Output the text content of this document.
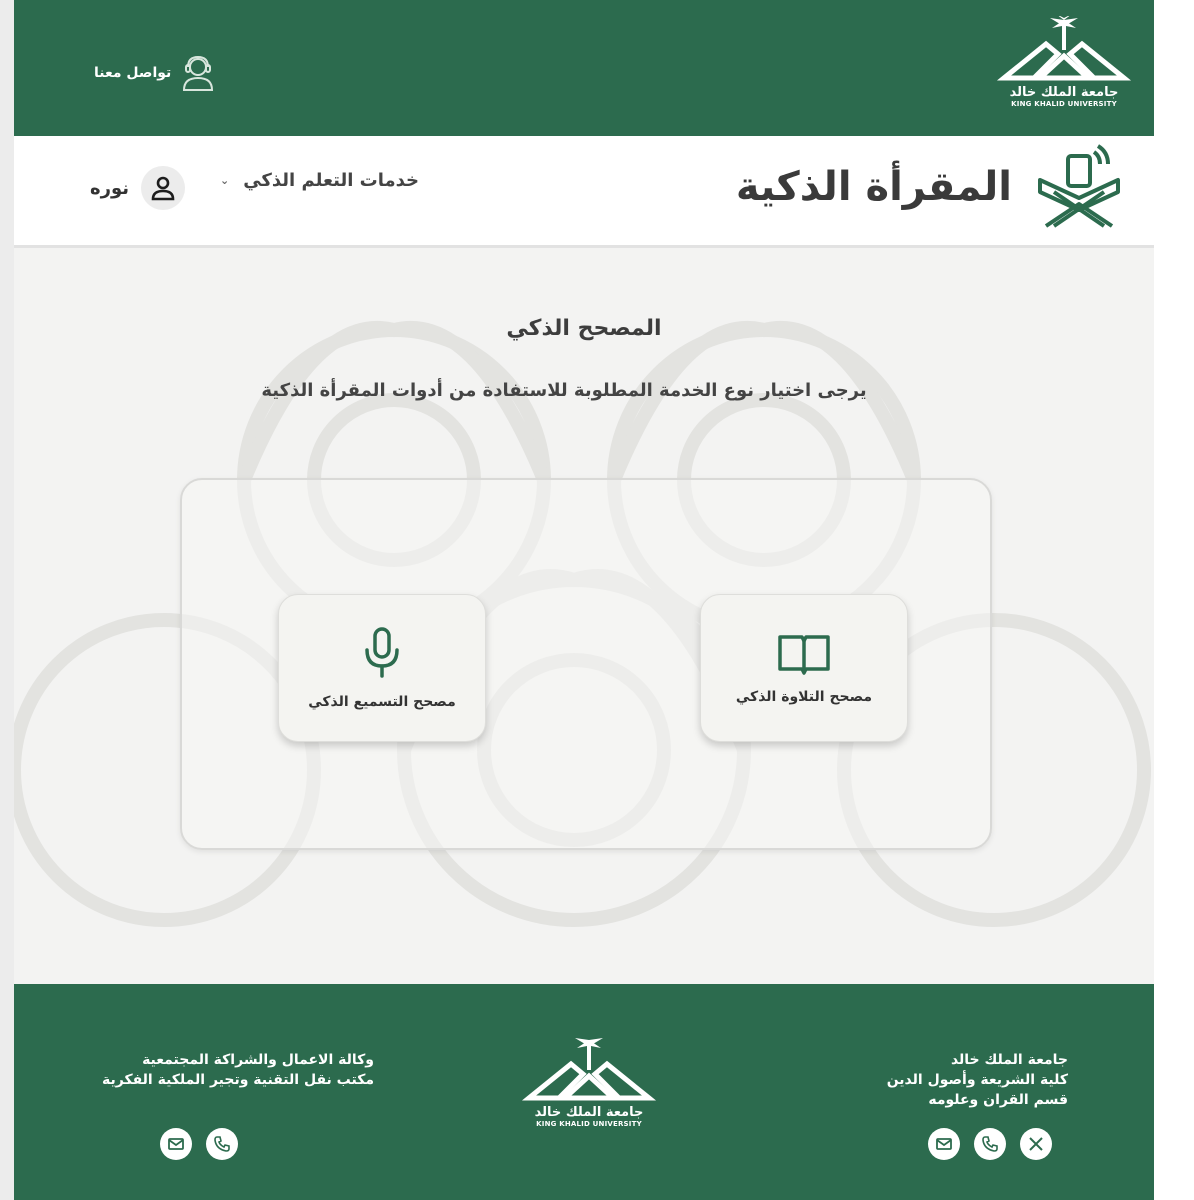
جامعة الملك خالد
KING KHALID UNIVERSITY
تواصل معنا
المقرأة الذكية
⌄ خدمات التعلم الذكي
نوره
المصحح الذكي
يرجى اختيار نوع الخدمة المطلوبة للاستفادة من أدوات المقرأة الذكية
مصحح التلاوة الذكي
مصحح التسميع الذكي
جامعة الملك خالد
كلية الشريعة وأصول الدين
قسم القران وعلومه
جامعة الملك خالد
KING KHALID UNIVERSITY
وكالة الاعمال والشراكة المجتمعية
مكتب نقل التقنية وتجير الملكية الفكرية
